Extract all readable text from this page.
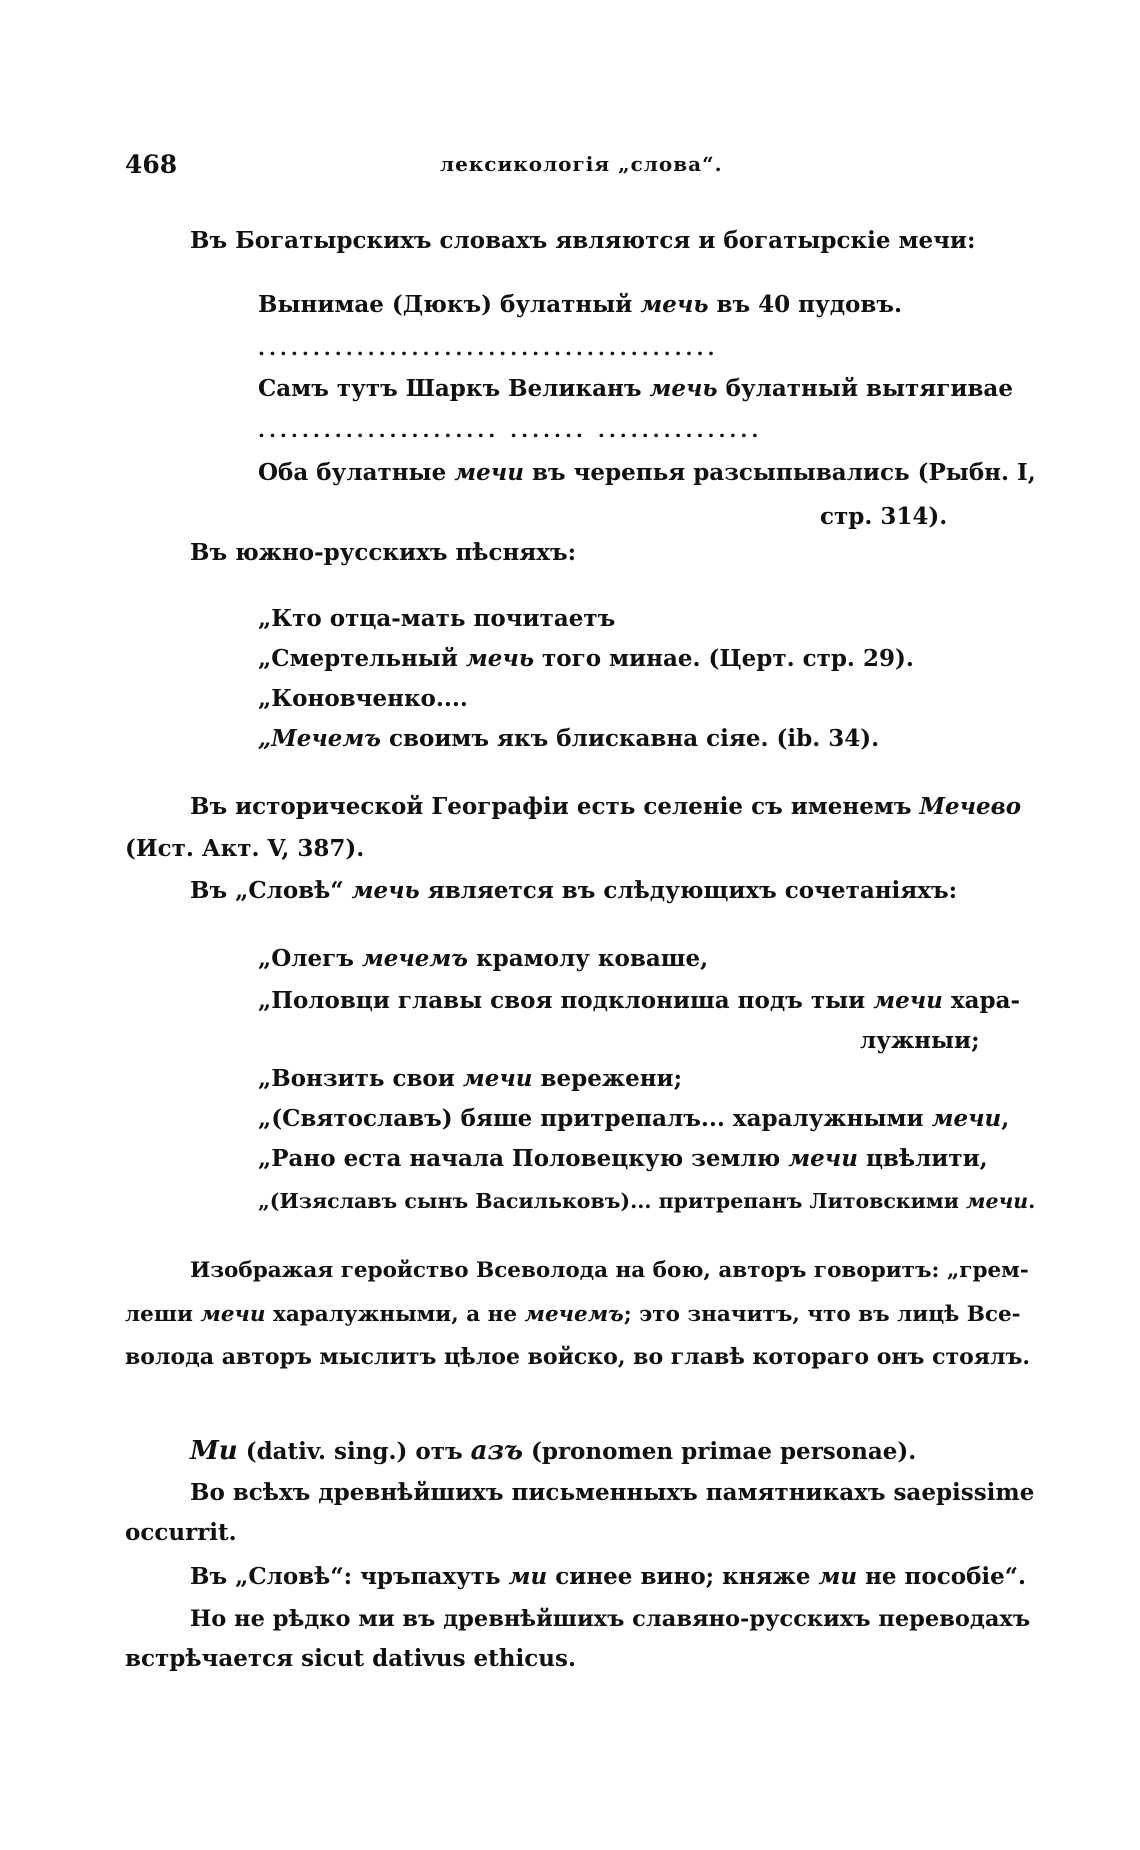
468	лексикологія „слова“.
Въ Богатырскихъ словахъ являются и богатырскіе мечи:
Вынимае (Дюкъ) булатный мечь въ 40 пудовъ.
..........................................
Самъ тутъ Шаркъ Великанъ мечь булатный вытягивае
...................... ....... ...............
Оба булатные мечи въ черепья разсыпывались (Рыбн. I,
стр. 314).
Въ южно-русскихъ пѣсняхъ:
„Кто отца-мать почитаетъ
„Смертельный мечь того минае. (Церт. стр. 29).
„Коновченко....
„Мечемъ своимъ якъ блискавна сіяе. (ib. 34).
Въ исторической Географіи есть селеніе съ именемъ Мечево
(Ист. Акт. V, 387).
Въ „Словѣ“ мечь является въ слѣдующихъ сочетаніяхъ:
„Олегъ мечемъ крамолу коваше,
„Половци главы своя подклониша подъ тыи мечи хара-
лужныи;
„Вонзить свои мечи вережени;
„(Святославъ) бяше притрепалъ... харалужными мечи,
„Рано еста начала Половецкую землю мечи цвѣлити,
„(Изяславъ сынъ Васильковъ)... притрепанъ Литовскими мечи.
Изображая геройство Всеволода на бою, авторъ говоритъ: „грем-
леши мечи харалужными, а не мечемъ; это значитъ, что въ лицѣ Все-
волода авторъ мыслитъ цѣлое войско, во главѣ котораго онъ стоялъ.
Ми (dativ. sing.) отъ азъ (pronomen primae personae).
Во всѣхъ древнѣйшихъ письменныхъ памятникахъ saepissime
occurrit.
Въ „Словѣ“: чръпахуть ми синее вино; княже ми не пособіе“.
Но не рѣдко ми въ древнѣйшихъ славяно-русскихъ переводахъ
встрѣчается sicut dativus ethicus.
